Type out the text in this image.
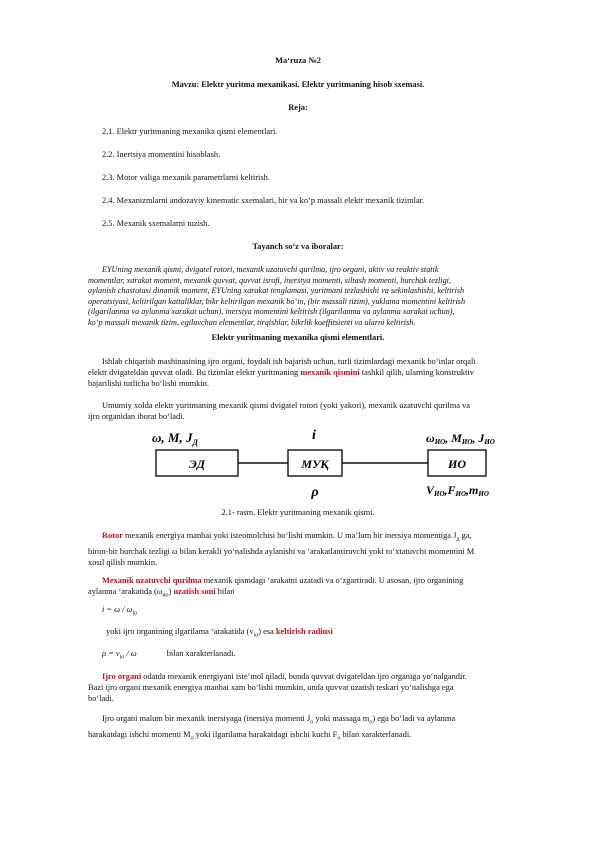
Ma‘ruza №2
Mavzu: Elektr yuritma mexanikasi. Elektr yuritmaning hisob sxemasi.
Reja:
2.1. Elektr yuritmaning mexanika qismi elementlari.
2.2. Inertsiya momentini hisoblash.
2.3. Motor valiga mexanik parametrlarni keltirish.
2.4. Mexanizmlarni andozaviy kinematic sxemalari, bir va ko‘p massali elektr mexanik tizimlar.
2.5. Mexanik sxemalarni tuzish.
Tayanch so‘z va iboralar:
EYUning mexanik qismi, dvigatel rotori, mexanik uzatuvchi qurilma, ijro organi, aktiv va reaktiv statik
momentlar, xarakat moment, mexanik quvvat, quvvat isrofi, inerstya momenti, siltash momenti, burchak tezligi,
aylanish chastotasi dinamik moment, EYUning xarakat tenglamasi, yuritmani tezlashishi va sekinlashishi, keltirish
operatsiyasi, keltirilgan kattaliklar, bikr keltirilgan mexanik bo‘in, (bir massali tizim), yuklama momentini keltirish
(ilgarilanma va aylanma xarakat uchun), inersiya momentini keltirish (ilgarilanma va aylanma xarakat uchun),
ko‘p massali mexanik tizim, egiluvchan elementlar, tirqishlar, bikrlik koeffitsienti va ularni keltirish.
Elektr yuritmaning mexanika qismi elementlari.
Ishlab chiqarish mashinasining ijro organi, foydali ish bajarish uchun, turli tizimlardagi mexanik bo‘inlar orqali
elektr dvigateldan quvvat oladi. Bu tizimlar elektr yuritmaning mexanik qismini tashkil qilib, ularning konstruktiv
bajarilishi turlicha bo‘lishi mumkin.
Umumiy xolda elektr yuritmaning mexanik qismi dvigatel rotori (yoki yakori), mexanik uzatuvchi qurilma va
ijro organidan iborat bo‘ladi.
ω, M, $J_Д$
ЭД
i
МУҚ
ρ
ωИО, MИО, JИО
ИО
VИО,FИО,mИО
2.1- rasm. Elektr yuritmaning mexanik qismi.
Rotor mexanik energiya manbai yoki isteomolchisi bo‘lishi mumkin. U ma’lum bir inersiya momentiga $J_д$ ga,
biron-bir burchak tezligi ω bilan kerakli yo‘nalishda aylanishi va ‘arakatlantiruvchi yoki to‘xtatuvchi momentini M
xosil qilish mumkin.
Mexanik uzatuvchi qurilma mexanik qismdagi ‘arakatni uzatadi va o‘zgartiradi. U asosan, ijro organining
aylanma ‘arakatida $(\omega_{ио})$ uzatish soni bilan
$i = \omega / \omega_{io}$
yoki ijro organining ilgarilama ‘arakatida $(v_{io})$ esa keltirish radiusi
$\rho = v_{io} / \omega$	bilan xarakterlanadi.
Ijro organi odatda mexanik energiyani iste’mol qiladi, bunda quvvat dvigateldan ijro organiga yo‘nalgandir.
Bazi ijro organi mexanik energiya manbai xam bo‘lishi mumkin, unda quvvat uzatish teskari yo‘nalishga ega
bo‘ladi.
Ijro organi malum bir mexanik inersiyaga (inersiya momenti $J_o$ yoki massaga $m_o$) ega bo‘ladi va aylanma
harakatdagi ishchi momenti $M_o$ yoki ilgarilama harakatdagi ishchi kuchi $F_o$ bilan xarakterlanadi.
